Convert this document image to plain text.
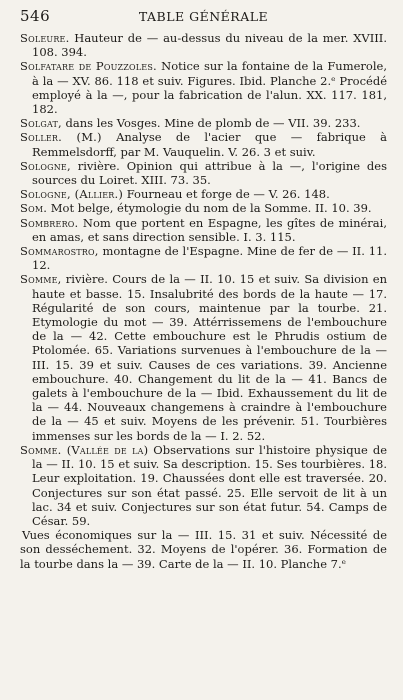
546	TABLE GÉNÉRALE

Soleure. Hauteur de — au-dessus du niveau de la mer. XVIII. 108. 394.

Solfatare de Pouzzoles. Notice sur la fontaine de la Fumerole, à la — XV. 86. 118 et suiv. Figures. Ibid. Planche 2.ᵉ Procédé employé à la —, pour la fabrication de l'alun. XX. 117. 181, 182.

Solgat, dans les Vosges. Mine de plomb de — VII. 39. 233.

Soller. (M.) Analyse de l'acier que — fabrique à Remmelsdorff, par M. Vauquelin. V. 26. 3 et suiv.

Sologne, rivière. Opinion qui attribue à la —, l'origine des sources du Loiret. XIII. 73. 35.

Sologne, (Allier.) Fourneau et forge de — V. 26. 148.

Som. Mot belge, étymologie du nom de la Somme. II. 10. 39.

Sombrero. Nom que portent en Espagne, les gîtes de minérai, en amas, et sans direction sensible. I. 3. 115.

Sommarostro, montagne de l'Espagne. Mine de fer de — II. 11. 12.

Somme, rivière. Cours de la — II. 10. 15 et suiv. Sa division en haute et basse. 15. Insalubrité des bords de la haute — 17. Régularité de son cours, maintenue par la tourbe. 21. Etymologie du mot — 39. Attérrissemens de l'embouchure de la — 42. Cette embouchure est le Phrudis ostium de Ptolomée. 65. Variations survenues à l'embouchure de la — III. 15. 39 et suiv. Causes de ces variations. 39. Ancienne embouchure. 40. Changement du lit de la — 41. Bancs de galets à l'embouchure de la — Ibid. Exhaussement du lit de la — 44. Nouveaux changemens à craindre à l'embouchure de la — 45 et suiv. Moyens de les prévenir. 51. Tourbières immenses sur les bords de la — I. 2. 52.

Somme. (Vallée de la) Observations sur l'histoire physique de la — II. 10. 15 et suiv. Sa description. 15. Ses tourbières. 18. Leur exploitation. 19. Chaussées dont elle est traversée. 20. Conjectures sur son état passé. 25. Elle servoit de lit à un lac. 34 et suiv. Conjectures sur son état futur. 54. Camps de César. 59.

Vues économiques sur la — III. 15. 31 et suiv. Nécessité de son desséchement. 32. Moyens de l'opérer. 36. Formation de la tourbe dans la — 39. Carte de la — II. 10. Planche 7.ᵉ
